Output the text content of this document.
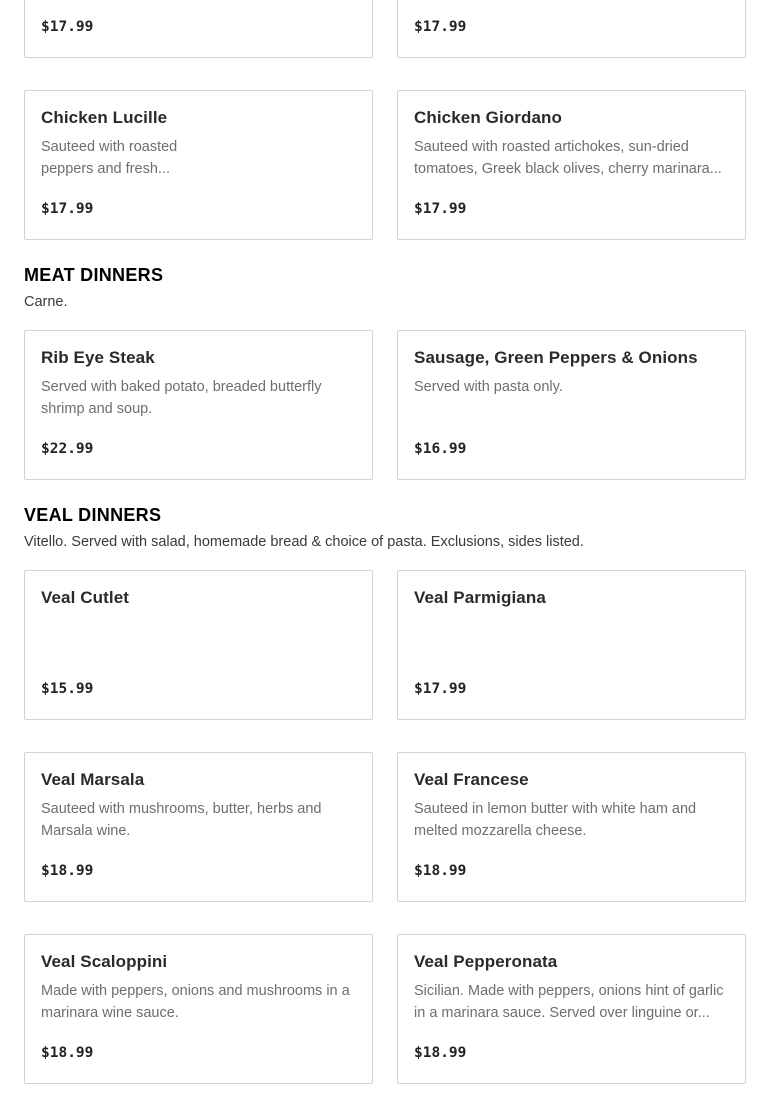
$17.99	$17.99
Chicken Lucille
Sauteed with roasted peppers and fresh...
$17.99
Chicken Giordano
Sauteed with roasted artichokes, sun-dried tomatoes, Greek black olives, cherry marinara...
$17.99
MEAT DINNERS
Carne.
Rib Eye Steak
Served with baked potato, breaded butterfly shrimp and soup.
$22.99
Sausage, Green Peppers & Onions
Served with pasta only.
$16.99
VEAL DINNERS
Vitello. Served with salad, homemade bread & choice of pasta. Exclusions, sides listed.
Veal Cutlet
$15.99
Veal Parmigiana
$17.99
Veal Marsala
Sauteed with mushrooms, butter, herbs and Marsala wine.
$18.99
Veal Francese
Sauteed in lemon butter with white ham and melted mozzarella cheese.
$18.99
Veal Scaloppini
Made with peppers, onions and mushrooms in a marinara wine sauce.
$18.99
Veal Pepperonata
Sicilian. Made with peppers, onions hint of garlic in a marinara sauce. Served over linguine or...
$18.99
